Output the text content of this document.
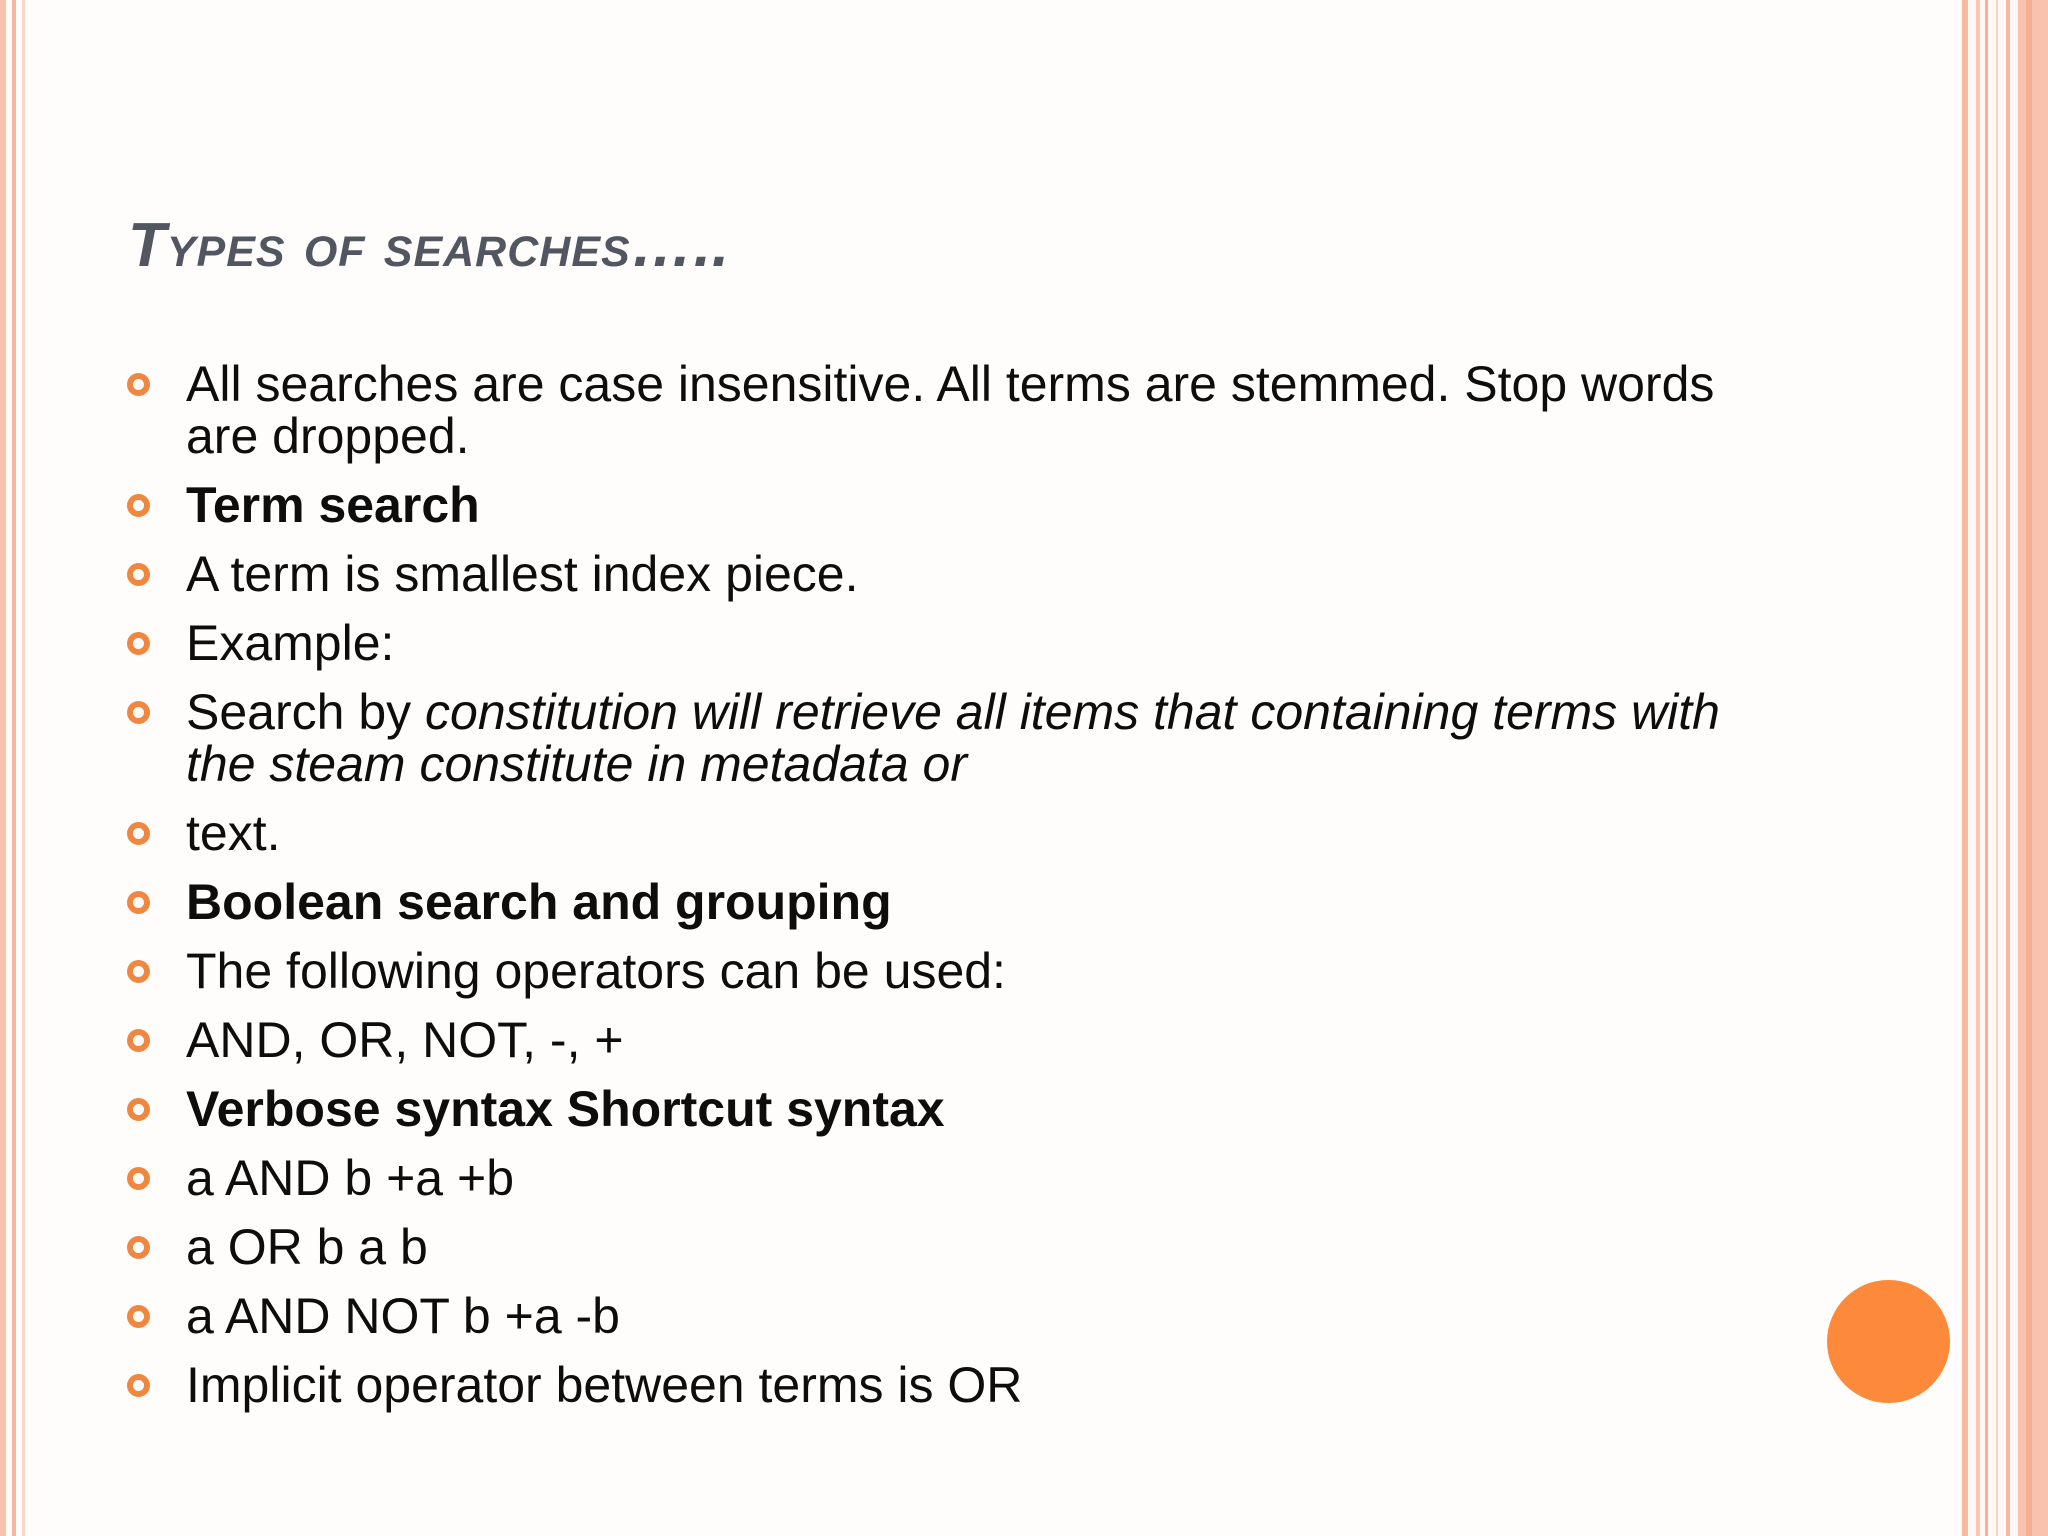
Types of searches…..
All searches are case insensitive. All terms are stemmed. Stop words are dropped.
Term search
A term is smallest index piece.
Example:
Search by constitution will retrieve all items that containing terms with the steam constitute in metadata or
text.
Boolean search and grouping
The following operators can be used:
AND, OR, NOT, -, +
Verbose syntax Shortcut syntax
a AND b +a +b
a OR b a b
a AND NOT b +a -b
Implicit operator between terms is OR
